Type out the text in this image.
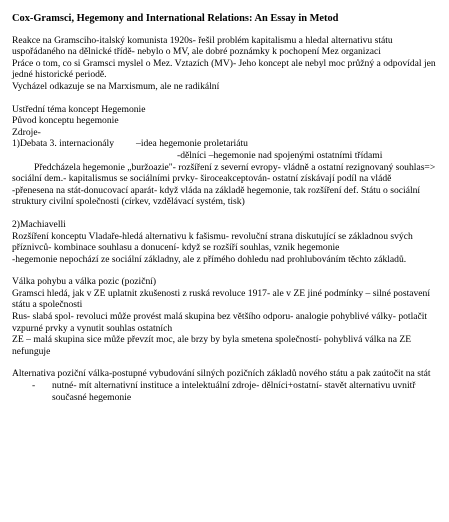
Cox-Gramsci, Hegemony and International Relations: An Essay in Metod

Reakce na Gramsciho-italský komunista 1920s- řešil problém kapitalismu a hledal alternativu státu uspořádaného na dělnické třídě- nebylo o MV, ale dobré poznámky k pochopení Mez organizaci

Práce o tom, co si Gramsci myslel o Mez. Vztazích (MV)- Jeho koncept ale nebyl moc průžný a odpovídal jen jedné historické periodě.

Vycházel odkazuje se na Marxismum, ale ne radikální

Ustřední téma koncept Hegemonie

Původ konceptu hegemonie

Zdroje-

1)Debata 3. internacionály –idea hegemonie proletariátu

-dělníci –hegemonie nad spojenými ostatními třídami

Předcházela hegemonie „buržoazie"- rozšíření z severní evropy- vládně a ostatní rezignovaný souhlas=> sociální dem.- kapitalismus se sociálními prvky- široceakceptován- ostatní získávají podíl na vládě

-přenesena na stát-donucovací aparát- když vláda na základě hegemonie, tak rozšíření def. Státu o sociální struktury civilní společnosti (církev, vzdělávací systém, tisk)

2)Machiavelli

Rozšíření konceptu Vladaře-hledá alternativu k fašismu- revoluční strana diskutující se základnou svých příznivců- kombinace souhlasu a donucení- když se rozšíří souhlas, vznik hegemonie

-hegemonie nepochází ze sociální základny, ale z přímého dohledu nad prohlubováním těchto základů.

Válka pohybu a válka pozic (poziční)

Gramsci hledá, jak v ZE uplatnit zkušenosti z ruská revoluce 1917- ale v ZE jiné podmínky – silné postavení státu a společnosti

Rus- slabá spol- revoluci může provést malá skupina bez většího odporu- analogie pohyblivé války- potlačit vzpurné prvky a vynutit souhlas ostatních

ZE – malá skupina sice může převzít moc, ale brzy by byla smetena společností- pohyblivá válka na ZE nefunguje

Alternativa poziční válka-postupné vybudování silných pozičních základů nového státu a pak zaútočit na stát

-	nutné- mít alternativní instituce a intelektuální zdroje- dělníci+ostatní- stavět alternativu uvnitř současné hegemonie
